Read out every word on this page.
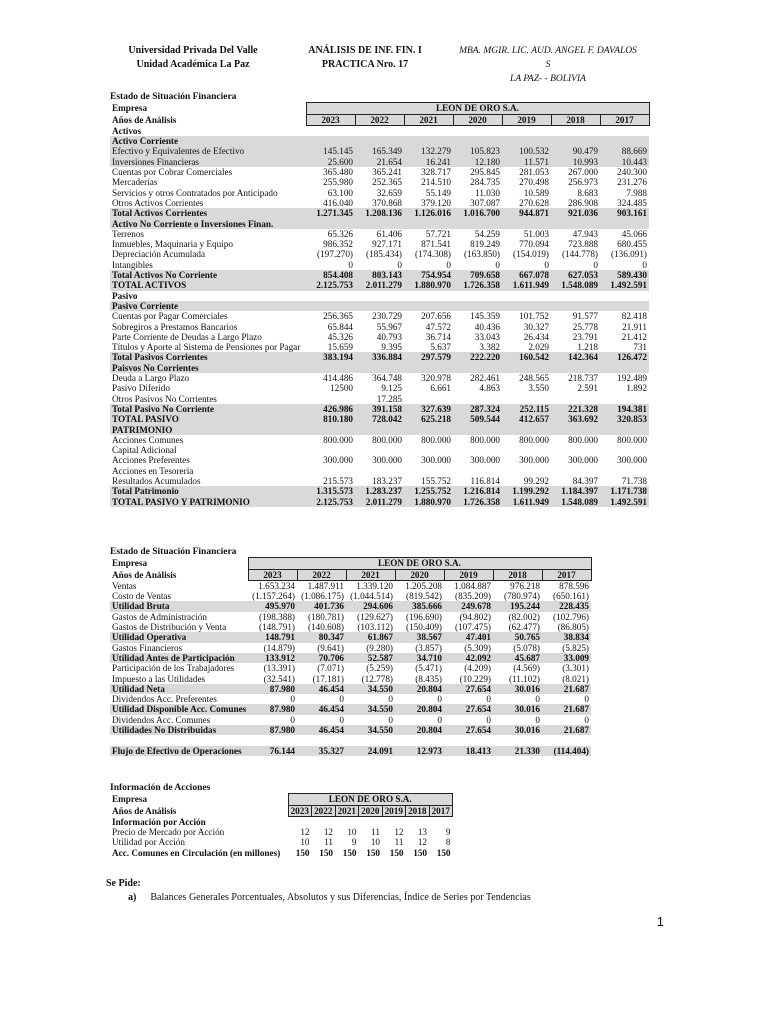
Universidad Privada Del Valle
Unidad Académica La Paz
ANÁLISIS DE INF. FIN. I
PRACTICA Nro. 17
MBA. MGIR. LIC. AUD. ANGEL F. DAVALOS S
LA PAZ- - BOLIVIA
Estado de Situación Financiera
Empresa	LEON DE ORO S.A.						
Años de Análisis	2023	2022	2021	2020	2019	2018	2017
Activos							
Activo Corriente							
Efectivo y Equivalentes de Efectivo	145.145	165.349	132.279	105.823	100.532	90.479	88.669
Inversiones Financieras	25.600	21.654	16.241	12.180	11.571	10.993	10.443
Cuentas por Cobrar Comerciales	365.480	365.241	328.717	295.845	281.053	267.000	240.300
Mercaderías	255.980	252.365	214.510	284.735	270.498	256.973	231.276
Servicios y otros Contratados por Anticipado	63.100	32.659	55.149	11.030	10.589	8.683	7.988
Otros Activos Corrientes	416.040	370.868	379.120	307.087	270.628	286.908	324.485
Total Activos Corrientes	1.271.345	1.208.136	1.126.016	1.016.700	944.871	921.036	903.161
Activo No Corriente o Inversiones Finan.							
Terrenos	65.326	61.406	57.721	54.259	51.003	47.943	45.066
Inmuebles, Maquinaria y Equipo	986.352	927.171	871.541	819.249	770.094	723.888	680.455
Depreciación Acumulada	(197.270)	(185.434)	(174.308)	(163.850)	(154.019)	(144.778)	(136.091)
Intangibles	0	0	0	0	0	0	0
Total Activos No Corriente	854.408	803.143	754.954	709.658	667.078	627.053	589.430
TOTAL ACTIVOS	2.125.753	2.011.279	1.880.970	1.726.358	1.611.949	1.548.089	1.492.591
Pasivo							
Pasivo Corriente							
Cuentas por Pagar Comerciales	256.365	230.729	207.656	145.359	101.752	91.577	82.418
Sobregiros a Prestamos Bancarios	65.844	55.967	47.572	40.436	30.327	25.778	21.911
Parte Corriente de Deudas a Largo Plazo	45.326	40.793	36.714	33.043	26.434	23.791	21.412
Títulos y Aporte al Sistema de Pensiones por Pagar	15.659	9.395	5.637	3.382	2.029	1.218	731
Total Pasivos Corrientes	383.194	336.884	297.579	222.220	160.542	142.364	126.472
Paisvos No Corrientes							
Deuda a Largo Plazo	414.486	364.748	320.978	282.461	248.565	218.737	192.489
Pasivo Diferido	12500	9.125	6.661	4.863	3.550	2.591	1.892
Otros Pasivos No Corrientes		17.285					
Total Pasivo No Corriente	426.986	391.158	327.639	287.324	252.115	221.328	194.381
TOTAL PASIVO	810.180	728.042	625.218	509.544	412.657	363.692	320.853
PATRIMONIO							
Acciones Comunes	800.000	800.000	800.000	800.000	800.000	800.000	800.000
Capital Adicional							
Acciones Preferentes	300.000	300.000	300.000	300.000	300.000	300.000	300.000
Acciones en Tesorería							
Resultados Acumulados	215.573	183.237	155.752	116.814	99.292	84.397	71.738
Total Patrimonio	1.315.573	1.283.237	1.255.752	1.216.814	1.199.292	1.184.397	1.171.738
TOTAL PASIVO Y PATRIMONIO	2.125.753	2.011.279	1.880.970	1.726.358	1.611.949	1.548.089	1.492.591
Estado de Situación Financiera
Empresa	LEON DE ORO S.A.						
Años de Análisis	2023	2022	2021	2020	2019	2018	2017
Ventas	1.653.234	1.487.911	1.339.120	1.205.208	1.084.887	976.218	878.596
Costo de Ventas	(1.157.264)	(1.086.175)	(1.044.514)	(819.542)	(835.209)	(780.974)	(650.161)
Utilidad Bruta	495.970	401.736	294.606	385.666	249.678	195.244	228.435
Gastos de Administración	(198.388)	(180.781)	(129.627)	(196.690)	(94.802)	(82.002)	(102.796)
Gastos de Distribución y Venta	(148.791)	(140.608)	(103.112)	(150.409)	(107.475)	(62.477)	(86.805)
Utilidad Operativa	148.791	80.347	61.867	38.567	47.401	50.765	38.834
Gastos Financieros	(14.879)	(9.641)	(9.280)	(3.857)	(5.309)	(5.078)	(5.825)
Utilidad Antes de Participación	133.912	70.706	52.587	34.710	42.092	45.687	33.009
Participación de los Trabajadores	(13.391)	(7.071)	(5.259)	(5.471)	(4.209)	(4.569)	(3.301)
Impuesto a las Utilidades	(32.541)	(17.181)	(12.778)	(8.435)	(10.229)	(11.102)	(8.021)
Utilidad Neta	87.980	46.454	34.550	20.804	27.654	30.016	21.687
Dividendos Acc. Preferentes	0	0	0	0	0	0	0
Utilidad Disponible Acc. Comunes	87.980	46.454	34.550	20.804	27.654	30.016	21.687
Dividendos Acc. Comunes	0	0	0	0	0	0	0
Utilidades No Distribuidas	87.980	46.454	34.550	20.804	27.654	30.016	21.687

Flujo de Efectivo de Operaciones	76.144	35.327	24.091	12.973	18.413	21.330	(114.404)
Información de Acciones
Empresa	LEON DE ORO S.A.						
Años de Análisis	2023	2022	2021	2020	2019	2018	2017
Información por Acción							
Precio de Mercado por Acción	12	12	10	11	12	13	9
Utilidad por Acción	10	11	9	10	11	12	8
Acc. Comunes en Circulación (en millones)	150	150	150	150	150	150	150
Se Pide:
a) Balances Generales Porcentuales, Absolutos y sus Diferencias, Índice de Series por Tendencias
1
